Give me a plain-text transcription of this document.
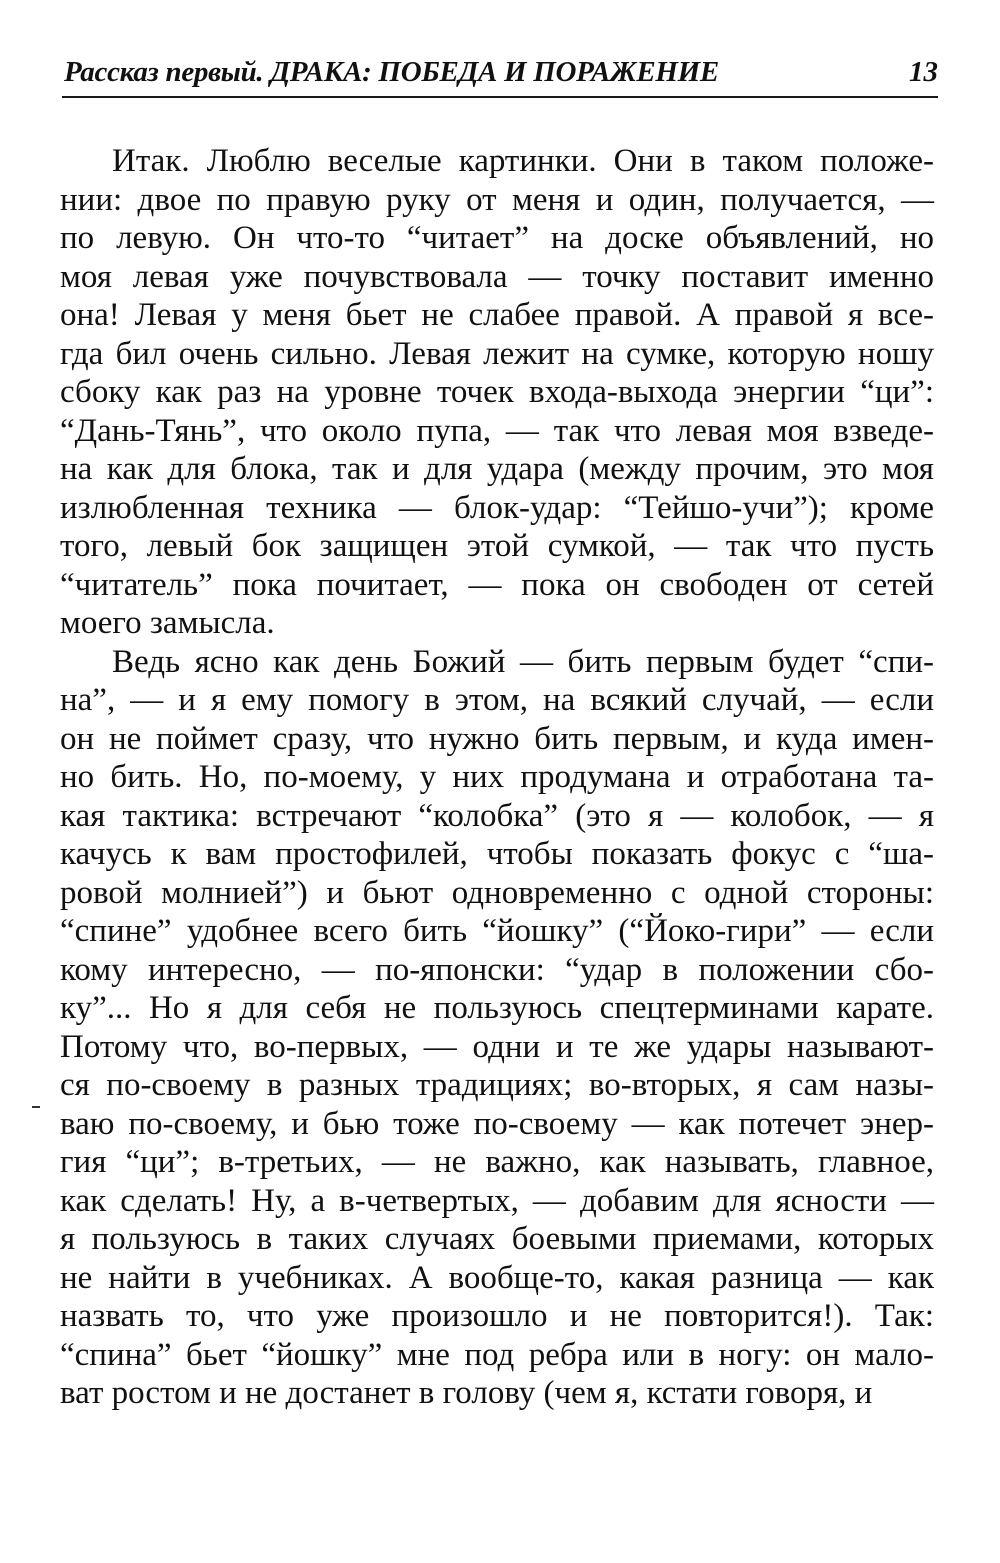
Рассказ первый. ДРАКА: ПОБЕДА И ПОРАЖЕНИЕ	13
Итак. Люблю веселые картинки. Они в таком положе-
нии: двое по правую руку от меня и один, получается, —
по левую. Он что-то “читает” на доске объявлений, но
моя левая уже почувствовала — точку поставит именно
она! Левая у меня бьет не слабее правой. А правой я все-
гда бил очень сильно. Левая лежит на сумке, которую ношу
сбоку как раз на уровне точек входа-выхода энергии “ци”:
“Дань-Тянь”, что около пупа, — так что левая моя взведе-
на как для блока, так и для удара (между прочим, это моя
излюбленная техника — блок-удар: “Тейшо-учи”); кроме
того, левый бок защищен этой сумкой, — так что пусть
“читатель” пока почитает, — пока он свободен от сетей
моего замысла.
Ведь ясно как день Божий — бить первым будет “спи-
на”, — и я ему помогу в этом, на всякий случай, — если
он не поймет сразу, что нужно бить первым, и куда имен-
но бить. Но, по-моему, у них продумана и отработана та-
кая тактика: встречают “колобка” (это я — колобок, — я
качусь к вам простофилей, чтобы показать фокус с “ша-
ровой молнией”) и бьют одновременно с одной стороны:
“спине” удобнее всего бить “йошку” (“Йоко-гири” — если
кому интересно, — по-японски: “удар в положении сбо-
ку”... Но я для себя не пользуюсь спецтерминами карате.
Потому что, во-первых, — одни и те же удары называют-
ся по-своему в разных традициях; во-вторых, я сам назы-
ваю по-своему, и бью тоже по-своему — как потечет энер-
гия “ци”; в-третьих, — не важно, как называть, главное,
как сделать! Ну, а в-четвертых, — добавим для ясности —
я пользуюсь в таких случаях боевыми приемами, которых
не найти в учебниках. А вообще-то, какая разница — как
назвать то, что уже произошло и не повторится!). Так:
“спина” бьет “йошку” мне под ребра или в ногу: он мало-
ват ростом и не достанет в голову (чем я, кстати говоря, и
